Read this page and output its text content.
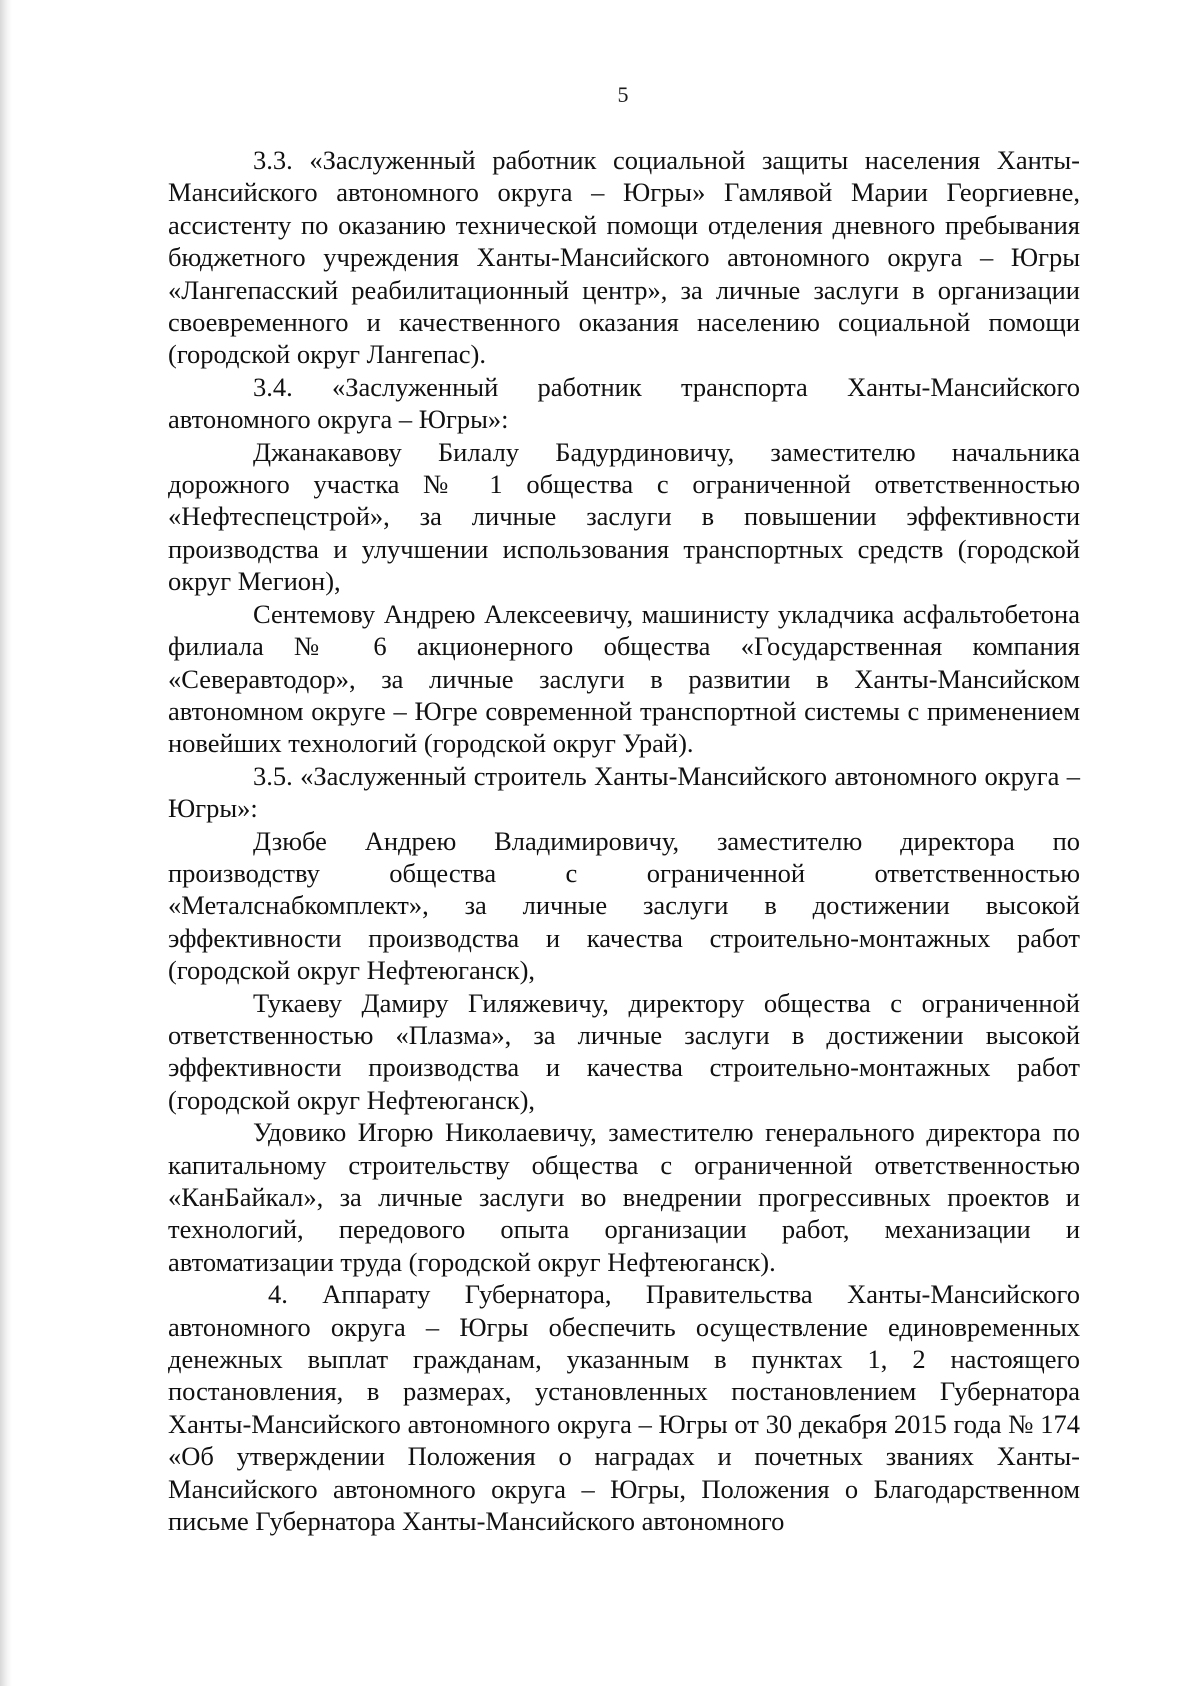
5

3.3. «Заслуженный работник социальной защиты населения Ханты-Мансийского автономного округа – Югры» Гамлявой Марии Георгиевне, ассистенту по оказанию технической помощи отделения дневного пребывания бюджетного учреждения Ханты-Мансийского автономного округа – Югры «Лангепасский реабилитационный центр», за личные заслуги в организации своевременного и качественного оказания населению социальной помощи (городской округ Лангепас).

3.4. «Заслуженный работник транспорта Ханты-Мансийского автономного округа – Югры»:

Джанакавову Билалу Бадурдиновичу, заместителю начальника дорожного участка № 1 общества с ограниченной ответственностью «Нефтеспецстрой», за личные заслуги в повышении эффективности производства и улучшении использования транспортных средств (городской округ Мегион),

Сентемову Андрею Алексеевичу, машинисту укладчика асфальтобетона филиала № 6 акционерного общества «Государственная компания «Северавтодор», за личные заслуги в развитии в Ханты-Мансийском автономном округе – Югре современной транспортной системы с применением новейших технологий (городской округ Урай).

3.5. «Заслуженный строитель Ханты-Мансийского автономного округа – Югры»:

Дзюбе Андрею Владимировичу, заместителю директора по производству общества с ограниченной ответственностью «Металснабкомплект», за личные заслуги в достижении высокой эффективности производства и качества строительно-монтажных работ (городской округ Нефтеюганск),

Тукаеву Дамиру Гиляжевичу, директору общества с ограниченной ответственностью «Плазма», за личные заслуги в достижении высокой эффективности производства и качества строительно-монтажных работ (городской округ Нефтеюганск),

Удовико Игорю Николаевичу, заместителю генерального директора по капитальному строительству общества с ограниченной ответственностью «КанБайкал», за личные заслуги во внедрении прогрессивных проектов и технологий, передового опыта организации работ, механизации и автоматизации труда (городской округ Нефтеюганск).

4. Аппарату Губернатора, Правительства Ханты-Мансийского автономного округа – Югры обеспечить осуществление единовременных денежных выплат гражданам, указанным в пунктах 1, 2 настоящего постановления, в размерах, установленных постановлением Губернатора Ханты-Мансийского автономного округа – Югры от 30 декабря 2015 года № 174 «Об утверждении Положения о наградах и почетных званиях Ханты-Мансийского автономного округа – Югры, Положения о Благодарственном письме Губернатора Ханты-Мансийского автономного
